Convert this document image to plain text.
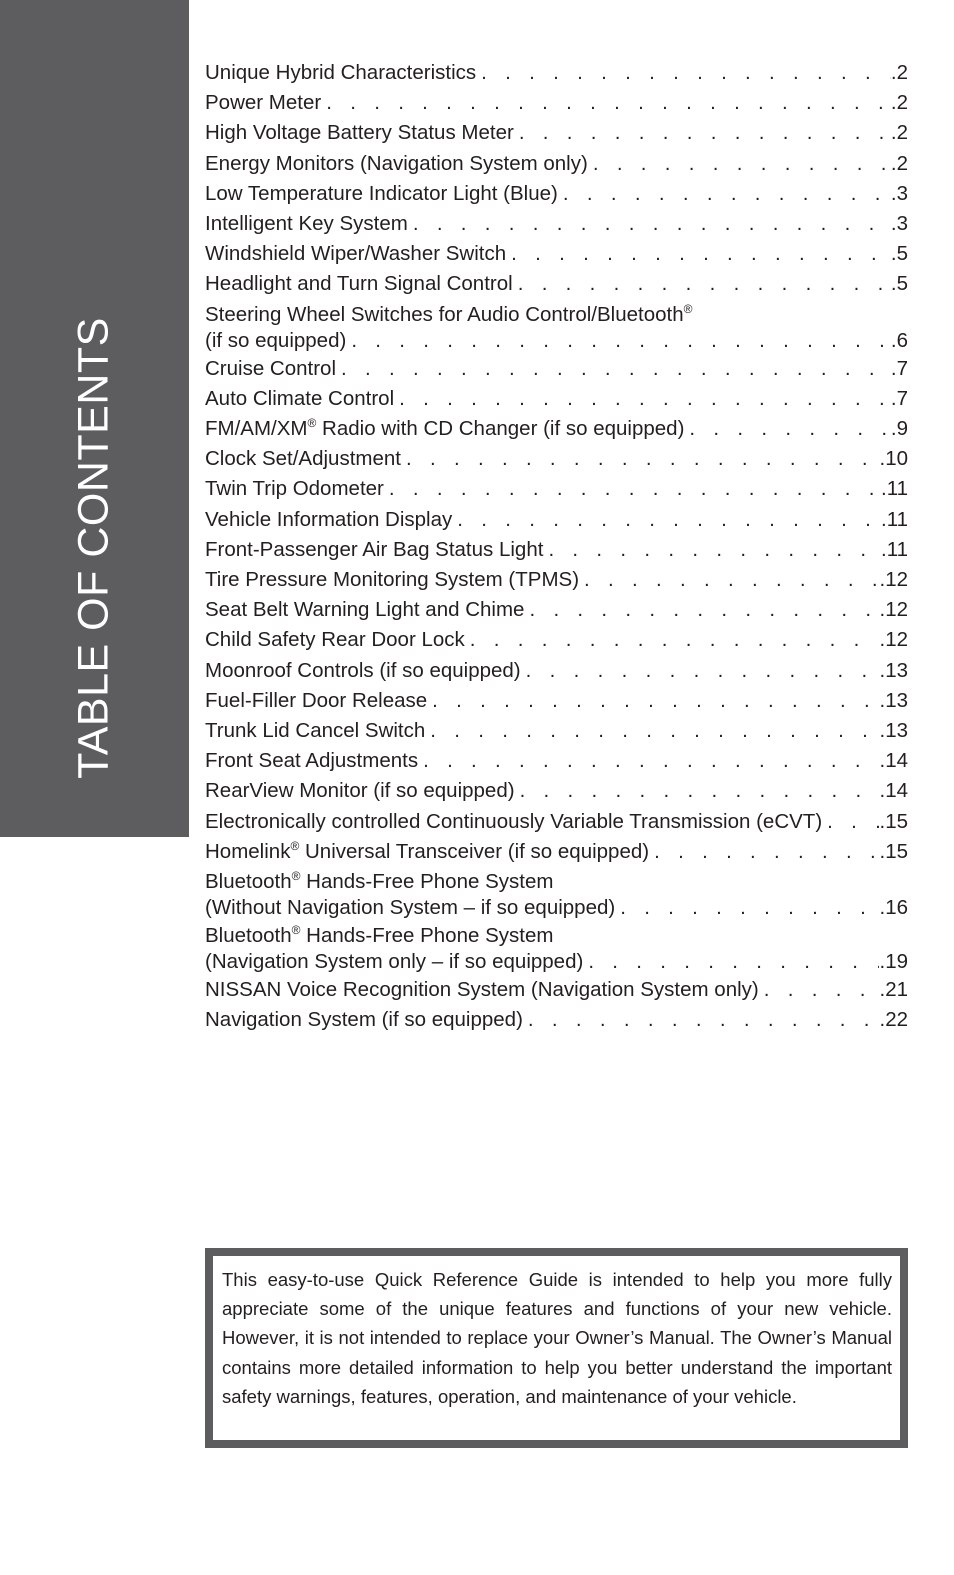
TABLE OF CONTENTS
Unique Hybrid Characteristics . . .	. 2
Power Meter . . .	. 2
High Voltage Battery Status Meter . . .	. 2
Energy Monitors (Navigation System only) . . .	. 2
Low Temperature Indicator Light (Blue) . . .	. 3
Intelligent Key System . . .	. 3
Windshield Wiper/Washer Switch . . .	. 5
Headlight and Turn Signal Control . . .	. 5
Steering Wheel Switches for Audio Control/Bluetooth®
(if so equipped) . . .	. 6
Cruise Control . . .	. 7
Auto Climate Control . . .	. 7
FM/AM/XM® Radio with CD Changer (if so equipped) . . .	. 9
Clock Set/Adjustment . . .	. 10
Twin Trip Odometer . . .	. 11
Vehicle Information Display . . .	. 11
Front-Passenger Air Bag Status Light . . .	. 11
Tire Pressure Monitoring System (TPMS) . . .	. 12
Seat Belt Warning Light and Chime . . .	. 12
Child Safety Rear Door Lock . . .	. 12
Moonroof Controls (if so equipped) . . .	. 13
Fuel-Filler Door Release . . .	. 13
Trunk Lid Cancel Switch . . .	. 13
Front Seat Adjustments . . .	. 14
RearView Monitor (if so equipped) . . .	. 14
Electronically controlled Continuously Variable Transmission (eCVT) . . .	. 15
Homelink® Universal Transceiver (if so equipped) . . .	. 15
Bluetooth® Hands-Free Phone System
(Without Navigation System – if so equipped) . . .	. 16
Bluetooth® Hands-Free Phone System
(Navigation System only – if so equipped) . . .	. 19
NISSAN Voice Recognition System (Navigation System only) . . .	. 21
Navigation System (if so equipped) . . .	. 22

This easy-to-use Quick Reference Guide is intended to help you more fully appreciate some of the unique features and functions of your new vehicle. However, it is not intended to replace your Owner’s Manual. The Owner’s Manual contains more detailed information to help you better understand the important safety warnings, features, operation, and maintenance of your vehicle.
